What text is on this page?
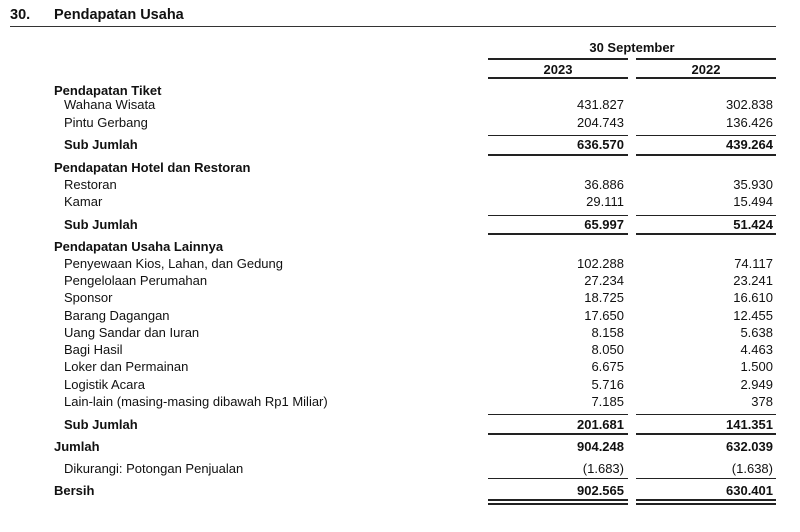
30. Pendapatan Usaha
30 September
2023	2022
Pendapatan Tiket
Wahana Wisata	431.827	302.838
Pintu Gerbang	204.743	136.426
Sub Jumlah	636.570	439.264
Pendapatan Hotel dan Restoran
Restoran	36.886	35.930
Kamar	29.111	15.494
Sub Jumlah	65.997	51.424
Pendapatan Usaha Lainnya
Penyewaan Kios, Lahan, dan Gedung	102.288	74.117
Pengelolaan Perumahan	27.234	23.241
Sponsor	18.725	16.610
Barang Dagangan	17.650	12.455
Uang Sandar dan Iuran	8.158	5.638
Bagi Hasil	8.050	4.463
Loker dan Permainan	6.675	1.500
Logistik Acara	5.716	2.949
Lain-lain (masing-masing dibawah Rp1 Miliar)	7.185	378
Sub Jumlah	201.681	141.351
Jumlah	904.248	632.039
Dikurangi: Potongan Penjualan	(1.683)	(1.638)
Bersih	902.565	630.401
